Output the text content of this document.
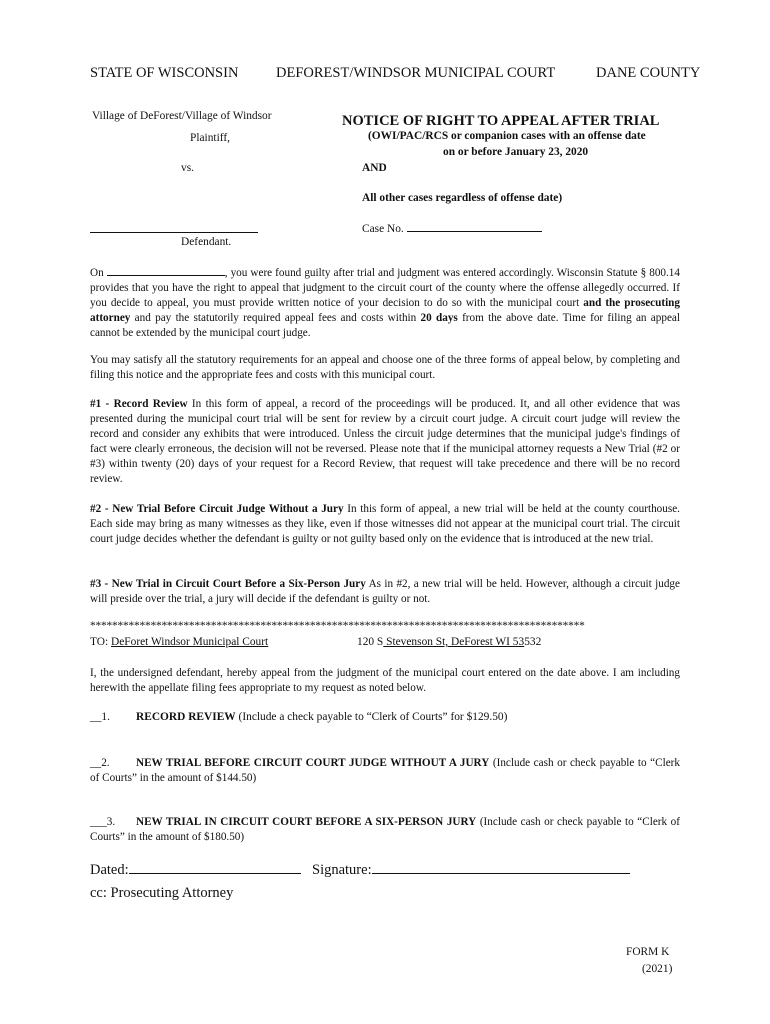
STATE OF WISCONSIN	DEFOREST/WINDSOR MUNICIPAL COURT	DANE COUNTY
Village of DeForest/Village of Windsor
Plaintiff,
vs.
Defendant.
NOTICE OF RIGHT TO APPEAL AFTER TRIAL
(OWI/PAC/RCS or companion cases with an offense date
on or before January 23, 2020
AND
All other cases regardless of offense date)
Case No.

On	, you were found guilty after trial and judgment was entered accordingly. Wisconsin Statute § 800.14 provides that you have the right to appeal that judgment to the circuit court of the county where the offense allegedly occurred. If you decide to appeal, you must provide written notice of your decision to do so with the municipal court and the prosecuting attorney and pay the statutorily required appeal fees and costs within 20 days from the above date. Time for filing an appeal cannot be extended by the municipal court judge.

You may satisfy all the statutory requirements for an appeal and choose one of the three forms of appeal below, by completing and filing this notice and the appropriate fees and costs with this municipal court.

#1 - Record Review In this form of appeal, a record of the proceedings will be produced. It, and all other evidence that was presented during the municipal court trial will be sent for review by a circuit court judge. A circuit court judge will review the record and consider any exhibits that were introduced. Unless the circuit judge determines that the municipal judge's findings of fact were clearly erroneous, the decision will not be reversed. Please note that if the municipal attorney requests a New Trial (#2 or #3) within twenty (20) days of your request for a Record Review, that request will take precedence and there will be no record review.

#2 - New Trial Before Circuit Judge Without a Jury In this form of appeal, a new trial will be held at the county courthouse. Each side may bring as many witnesses as they like, even if those witnesses did not appear at the municipal court trial. The circuit court judge decides whether the defendant is guilty or not guilty based only on the evidence that is introduced at the new trial.

#3 - New Trial in Circuit Court Before a Six-Person Jury As in #2, a new trial will be held. However, although a circuit judge will preside over the trial, a jury will decide if the defendant is guilty or not.

******************************************************************************************
TO: DeForet Windsor Municipal Court	120 S Stevenson St, DeForest WI 53532

I, the undersigned defendant, hereby appeal from the judgment of the municipal court entered on the date above. I am including herewith the appellate filing fees appropriate to my request as noted below.

__1. RECORD REVIEW (Include a check payable to “Clerk of Courts” for $129.50)

__2. NEW TRIAL BEFORE CIRCUIT COURT JUDGE WITHOUT A JURY (Include cash or check payable to “Clerk of Courts” in the amount of $144.50)

___3. NEW TRIAL IN CIRCUIT COURT BEFORE A SIX-PERSON JURY (Include cash or check payable to “Clerk of Courts” in the amount of $180.50)

Dated:	Signature:
cc: Prosecuting Attorney
FORM K
(2021)
